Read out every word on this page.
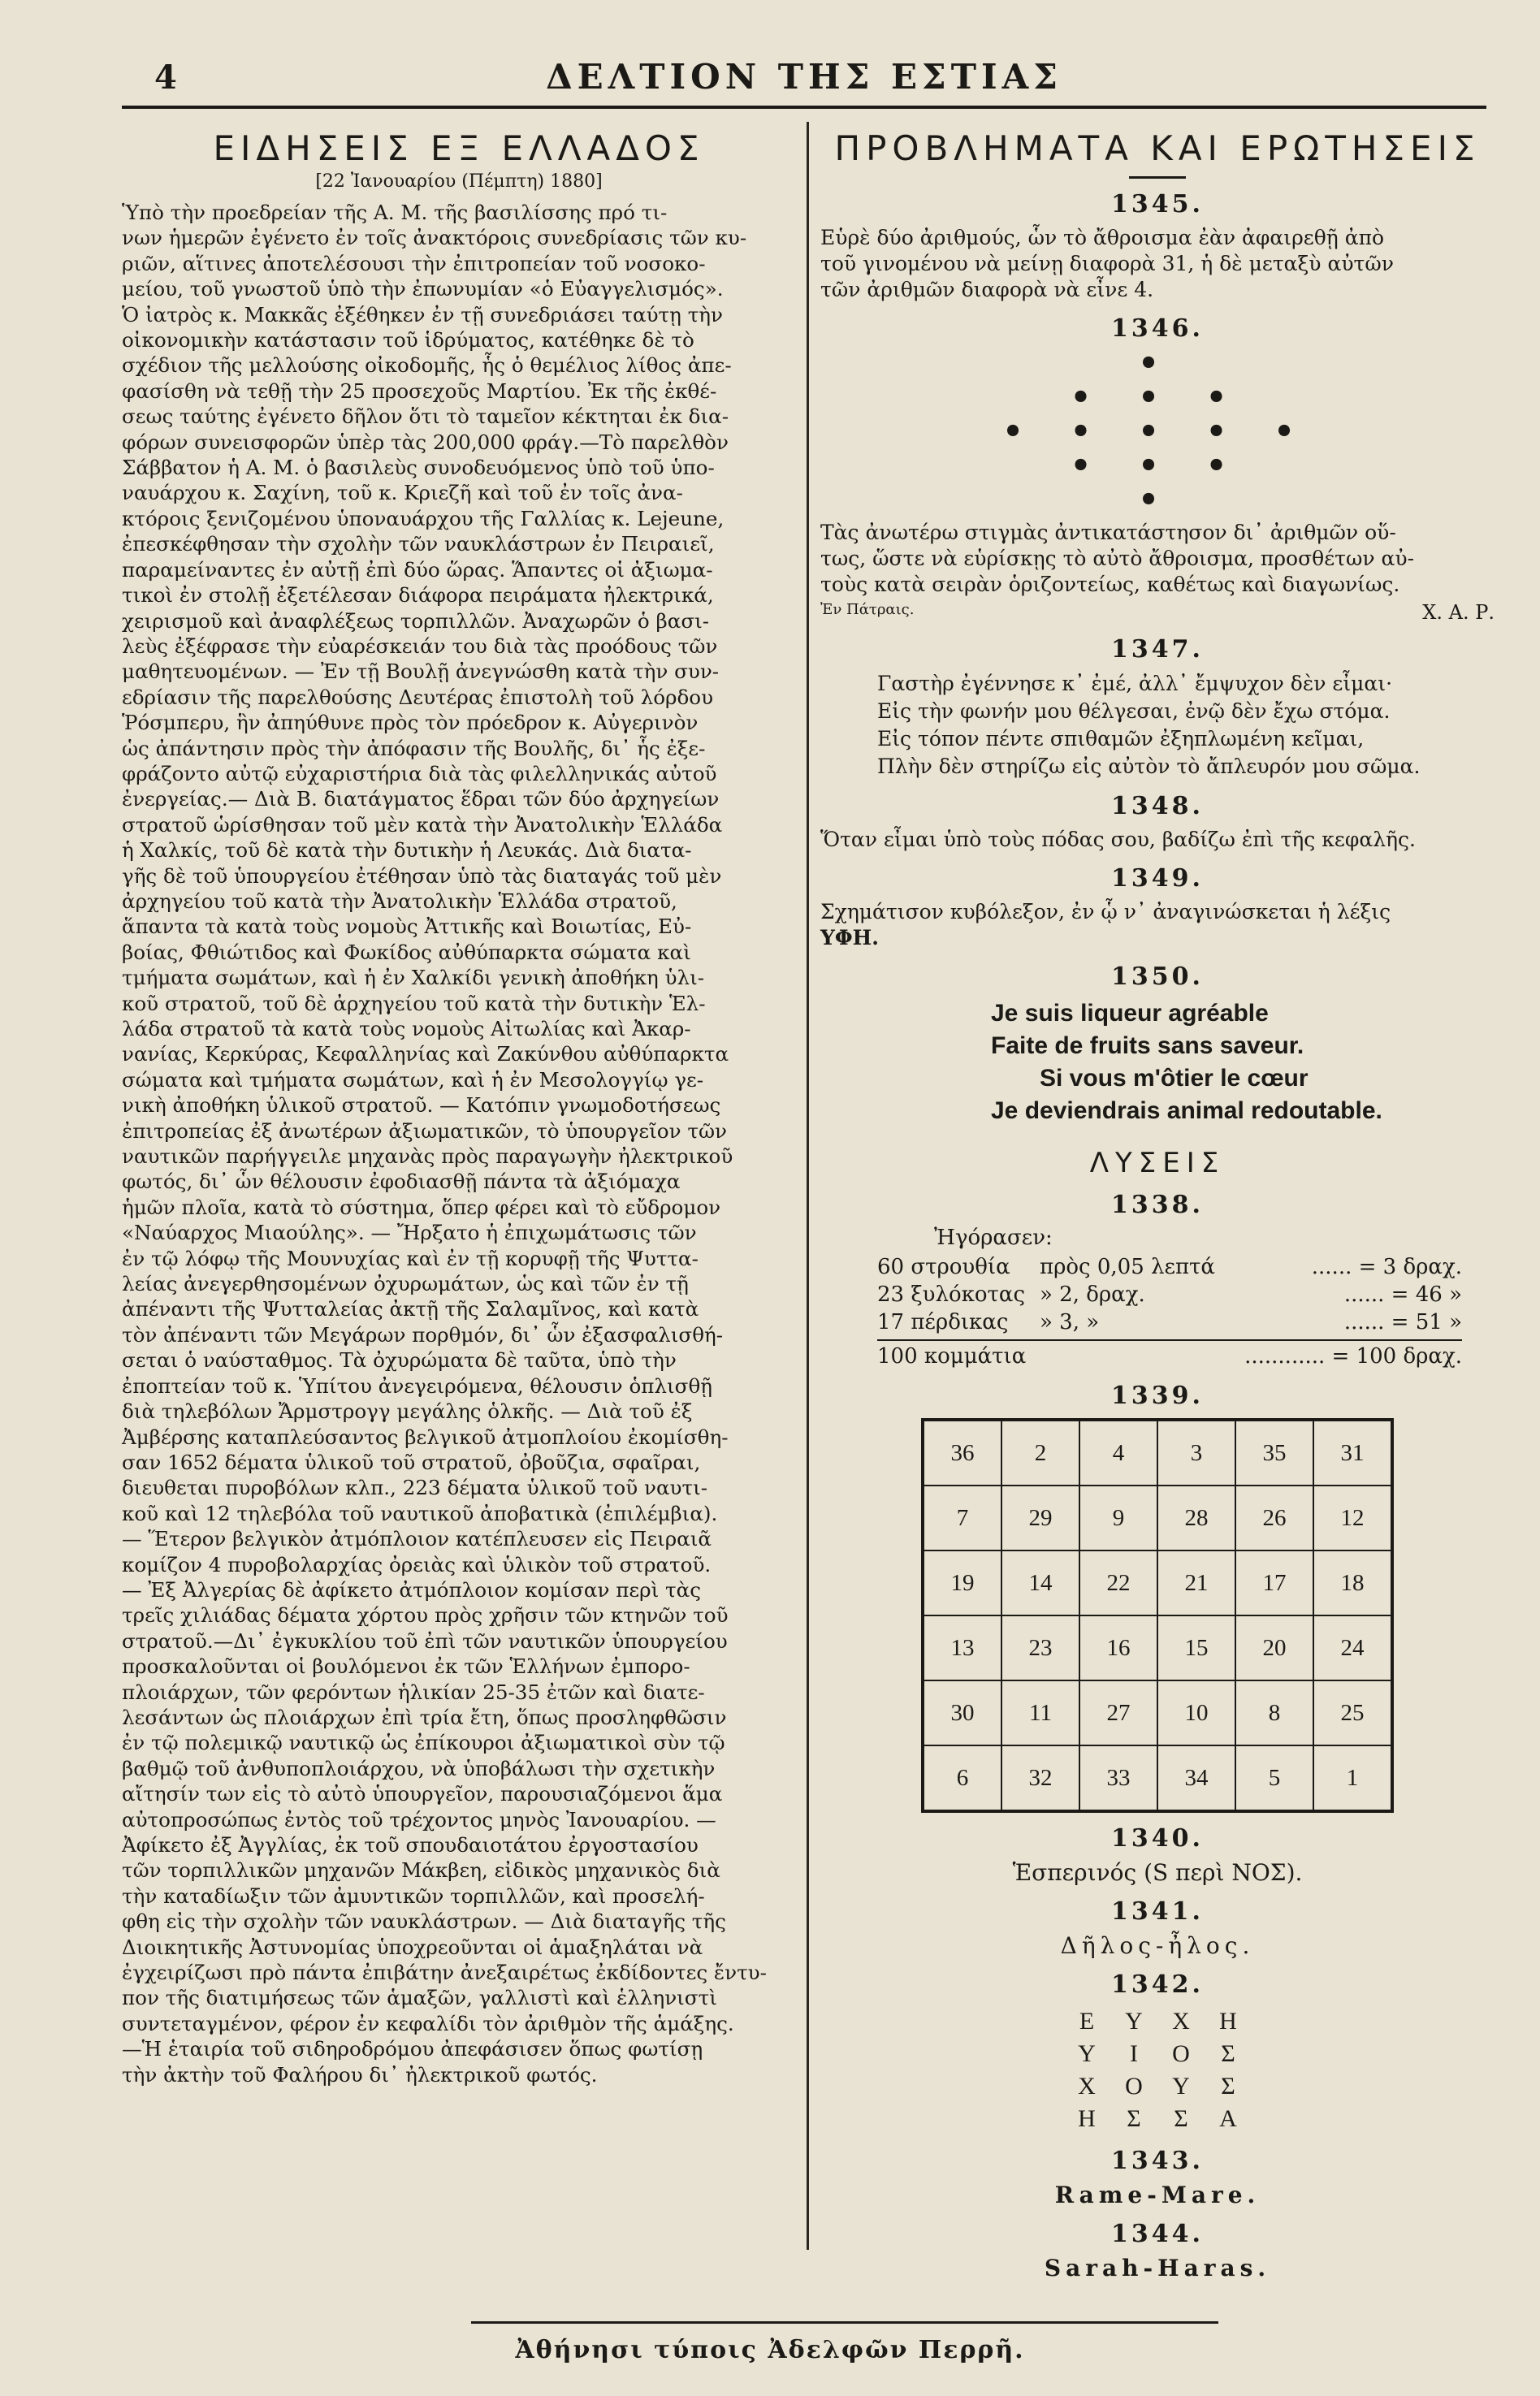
4	ΔΕΛΤΙΟΝ ΤΗΣ ΕΣΤΙΑΣ
ΕΙΔΗΣΕΙΣ ΕΞ ΕΛΛΑΔΟΣ
[22 Ἰανουαρίου (Πέμπτη) 1880]
Ὑπὸ τὴν προεδρείαν τῆς Α. Μ. τῆς βασιλίσσης πρό τι-
νων ἡμερῶν ἐγένετο ἐν τοῖς ἀνακτόροις συνεδρίασις τῶν κυ-
ριῶν, αἵτινες ἀποτελέσουσι τὴν ἐπιτροπείαν τοῦ νοσοκο-
μείου, τοῦ γνωστοῦ ὑπὸ τὴν ἐπωνυμίαν «ὁ Εὐαγγελισμός».
Ὁ ἰατρὸς κ. Μακκᾶς ἐξέθηκεν ἐν τῇ συνεδριάσει ταύτῃ τὴν
οἰκονομικὴν κατάστασιν τοῦ ἱδρύματος, κατέθηκε δὲ τὸ
σχέδιον τῆς μελλούσης οἰκοδομῆς, ἧς ὁ θεμέλιος λίθος ἀπε-
φασίσθη νὰ τεθῇ τὴν 25 προσεχοῦς Μαρτίου. Ἐκ τῆς ἐκθέ-
σεως ταύτης ἐγένετο δῆλον ὅτι τὸ ταμεῖον κέκτηται ἐκ δια-
φόρων συνεισφορῶν ὑπὲρ τὰς 200,000 φράγ.—Τὸ παρελθὸν
Σάββατον ἡ Α. Μ. ὁ βασιλεὺς συνοδευόμενος ὑπὸ τοῦ ὑπο-
ναυάρχου κ. Σαχίνη, τοῦ κ. Κριεζῆ καὶ τοῦ ἐν τοῖς ἀνα-
κτόροις ξενιζομένου ὑποναυάρχου τῆς Γαλλίας κ. Lejeune,
ἐπεσκέφθησαν τὴν σχολὴν τῶν ναυκλάστρων ἐν Πειραιεῖ,
παραμείναντες ἐν αὐτῇ ἐπὶ δύο ὥρας. Ἅπαντες οἱ ἀξιωμα-
τικοὶ ἐν στολῇ ἐξετέλεσαν διάφορα πειράματα ἠλεκτρικά,
χειρισμοῦ καὶ ἀναφλέξεως τορπιλλῶν. Ἀναχωρῶν ὁ βασι-
λεὺς ἐξέφρασε τὴν εὐαρέσκειάν του διὰ τὰς προόδους τῶν
μαθητευομένων. — Ἐν τῇ Βουλῇ ἀνεγνώσθη κατὰ τὴν συν-
εδρίασιν τῆς παρελθούσης Δευτέρας ἐπιστολὴ τοῦ λόρδου
Ῥόσμπερυ, ἣν ἀπηύθυνε πρὸς τὸν πρόεδρον κ. Αὐγερινὸν
ὡς ἀπάντησιν πρὸς τὴν ἀπόφασιν τῆς Βουλῆς, δι᾽ ἧς ἐξε-
φράζοντο αὐτῷ εὐχαριστήρια διὰ τὰς φιλελληνικάς αὐτοῦ
ἐνεργείας.— Διὰ Β. διατάγματος ἕδραι τῶν δύο ἀρχηγείων
στρατοῦ ὡρίσθησαν τοῦ μὲν κατὰ τὴν Ἀνατολικὴν Ἑλλάδα
ἡ Χαλκίς, τοῦ δὲ κατὰ τὴν δυτικὴν ἡ Λευκάς. Διὰ διατα-
γῆς δὲ τοῦ ὑπουργείου ἐτέθησαν ὑπὸ τὰς διαταγάς τοῦ μὲν
ἀρχηγείου τοῦ κατὰ τὴν Ἀνατολικὴν Ἑλλάδα στρατοῦ,
ἅπαντα τὰ κατὰ τοὺς νομοὺς Ἀττικῆς καὶ Βοιωτίας, Εὐ-
βοίας, Φθιώτιδος καὶ Φωκίδος αὐθύπαρκτα σώματα καὶ
τμήματα σωμάτων, καὶ ἡ ἐν Χαλκίδι γενικὴ ἀποθήκη ὑλι-
κοῦ στρατοῦ, τοῦ δὲ ἀρχηγείου τοῦ κατὰ τὴν δυτικὴν Ἑλ-
λάδα στρατοῦ τὰ κατὰ τοὺς νομοὺς Αἰτωλίας καὶ Ἀκαρ-
νανίας, Κερκύρας, Κεφαλληνίας καὶ Ζακύνθου αὐθύπαρκτα
σώματα καὶ τμήματα σωμάτων, καὶ ἡ ἐν Μεσολογγίῳ γε-
νικὴ ἀποθήκη ὑλικοῦ στρατοῦ. — Κατόπιν γνωμοδοτήσεως
ἐπιτροπείας ἐξ ἀνωτέρων ἀξιωματικῶν, τὸ ὑπουργεῖον τῶν
ναυτικῶν παρήγγειλε μηχανὰς πρὸς παραγωγὴν ἠλεκτρικοῦ
φωτός, δι᾽ ὧν θέλουσιν ἐφοδιασθῇ πάντα τὰ ἀξιόμαχα
ἡμῶν πλοῖα, κατὰ τὸ σύστημα, ὅπερ φέρει καὶ τὸ εὔδρομον
«Ναύαρχος Μιαούλης». — Ἤρξατο ἡ ἐπιχωμάτωσις τῶν
ἐν τῷ λόφῳ τῆς Μουνυχίας καὶ ἐν τῇ κορυφῇ τῆς Ψυττα-
λείας ἀνεγερθησομένων ὀχυρωμάτων, ὡς καὶ τῶν ἐν τῇ
ἀπέναντι τῆς Ψυτταλείας ἀκτῇ τῆς Σαλαμῖνος, καὶ κατὰ
τὸν ἀπέναντι τῶν Μεγάρων πορθμόν, δι᾽ ὧν ἐξασφαλισθή-
σεται ὁ ναύσταθμος. Τὰ ὀχυρώματα δὲ ταῦτα, ὑπὸ τὴν
ἐποπτείαν τοῦ κ. Ὑπίτου ἀνεγειρόμενα, θέλουσιν ὁπλισθῇ
διὰ τηλεβόλων Ἄρμστρογγ μεγάλης ὁλκῆς. — Διὰ τοῦ ἐξ
Ἀμβέρσης καταπλεύσαντος βελγικοῦ ἀτμοπλοίου ἐκομίσθη-
σαν 1652 δέματα ὑλικοῦ τοῦ στρατοῦ, ὀβοῦζια, σφαῖραι,
διευθεται πυροβόλων κλπ., 223 δέματα ὑλικοῦ τοῦ ναυτι-
κοῦ καὶ 12 τηλεβόλα τοῦ ναυτικοῦ ἀποβατικὰ (ἐπιλέμβια).
— Ἕτερον βελγικὸν ἀτμόπλοιον κατέπλευσεν εἰς Πειραιᾶ
κομίζον 4 πυροβολαρχίας ὀρειὰς καὶ ὑλικὸν τοῦ στρατοῦ.
— Ἐξ Ἀλγερίας δὲ ἀφίκετο ἀτμόπλοιον κομίσαν περὶ τὰς
τρεῖς χιλιάδας δέματα χόρτου πρὸς χρῆσιν τῶν κτηνῶν τοῦ
στρατοῦ.—Δι᾽ ἐγκυκλίου τοῦ ἐπὶ τῶν ναυτικῶν ὑπουργείου
προσκαλοῦνται οἱ βουλόμενοι ἐκ τῶν Ἑλλήνων ἐμπορο-
πλοιάρχων, τῶν φερόντων ἡλικίαν 25-35 ἐτῶν καὶ διατε-
λεσάντων ὡς πλοιάρχων ἐπὶ τρία ἔτη, ὅπως προσληφθῶσιν
ἐν τῷ πολεμικῷ ναυτικῷ ὡς ἐπίκουροι ἀξιωματικοὶ σὺν τῷ
βαθμῷ τοῦ ἀνθυποπλοιάρχου, νὰ ὑποβάλωσι τὴν σχετικὴν
αἴτησίν των εἰς τὸ αὐτὸ ὑπουργεῖον, παρουσιαζόμενοι ἅμα
αὐτοπροσώπως ἐντὸς τοῦ τρέχοντος μηνὸς Ἰανουαρίου. —
Ἀφίκετο ἐξ Ἀγγλίας, ἐκ τοῦ σπουδαιοτάτου ἐργοστασίου
τῶν τορπιλλικῶν μηχανῶν Μάκβεη, εἰδικὸς μηχανικὸς διὰ
τὴν καταδίωξιν τῶν ἀμυντικῶν τορπιλλῶν, καὶ προσελή-
φθη εἰς τὴν σχολὴν τῶν ναυκλάστρων. — Διὰ διαταγῆς τῆς
Διοικητικῆς Ἀστυνομίας ὑποχρεοῦνται οἱ ἁμαξηλάται νὰ
ἐγχειρίζωσι πρὸ πάντα ἐπιβάτην ἀνεξαιρέτως ἐκδίδοντες ἔντυ-
πον τῆς διατιμήσεως τῶν ἁμαξῶν, γαλλιστὶ καὶ ἑλληνιστὶ
συντεταγμένον, φέρον ἐν κεφαλίδι τὸν ἀριθμὸν τῆς ἁμάξης.
—Ἡ ἑταιρία τοῦ σιδηροδρόμου ἀπεφάσισεν ὅπως φωτίσῃ
τὴν ἀκτὴν τοῦ Φαλήρου δι᾽ ἠλεκτρικοῦ φωτός.
ΠΡΟΒΛΗΜΑΤΑ ΚΑΙ ΕΡΩΤΗΣΕΙΣ
1345.
Εὑρὲ δύο ἀριθμούς, ὧν τὸ ἄθροισμα ἐὰν ἀφαιρεθῇ ἀπὸ
τοῦ γινομένου νὰ μείνῃ διαφορὰ 31, ἡ δὲ μεταξὺ αὐτῶν
τῶν ἀριθμῶν διαφορὰ νὰ εἶνε 4.
1346.
•
• • •
• • • • •
• • •
•
Τὰς ἀνωτέρω στιγμὰς ἀντικατάστησον δι᾽ ἀριθμῶν οὕ-
τως, ὥστε νὰ εὑρίσκῃς τὸ αὐτὸ ἄθροισμα, προσθέτων αὐ-
τοὺς κατὰ σειρὰν ὁριζοντείως, καθέτως καὶ διαγωνίως.
Ἐν Πάτραις.	Χ. Α. Ρ.
1347.
Γαστὴρ ἐγέννησε κ᾽ ἐμέ, ἀλλ᾽ ἔμψυχον δὲν εἶμαι·
Εἰς τὴν φωνήν μου θέλγεσαι, ἐνῷ δὲν ἔχω στόμα.
Εἰς τόπον πέντε σπιθαμῶν ἐξηπλωμένη κεῖμαι,
Πλὴν δὲν στηρίζω εἰς αὐτὸν τὸ ἄπλευρόν μου σῶμα.
1348.
Ὅταν εἶμαι ὑπὸ τοὺς πόδας σου, βαδίζω ἐπὶ τῆς κεφαλῆς.
1349.
Σχημάτισον κυβόλεξον, ἐν ᾧ ν᾽ ἀναγινώσκεται ἡ λέξις
ΥΦΗ.
1350.
Je suis liqueur agréable
Faite de fruits sans saveur.
Si vous m'ôtier le cœur
Je deviendrais animal redoutable.
ΛΥΣΕΙΣ
1338.
Ἠγόρασεν:
60 στρουθία	πρὸς 0,05 λεπτά	...... = 3 δραχ.
23 ξυλόκοτας » 2, δραχ.	...... = 46 »
17 πέρδικας	» 3, »	...... = 51 »
100 κομμάτια	............ = 100 δραχ.
1339.
36	2	4	3	35	31
7	29	9	28	26	12
19	14	22	21	17	18
13	23	16	15	20	24
30	11	27	10	8	25
6	32	33	34	5	1
1340.
Ἑσπερινός (S περὶ ΝΟΣ).
1341.
Δῆλος-ἦλος.
1342.
Ε	Υ	Χ	Η
Υ	Ι	Ο	Σ
Χ	Ο	Υ	Σ
Η	Σ	Σ	Α
1343.
Rame-Mare.
1344.
Sarah-Haras.
Ἀθήνησι τύποις Ἀδελφῶν Περρῆ.
